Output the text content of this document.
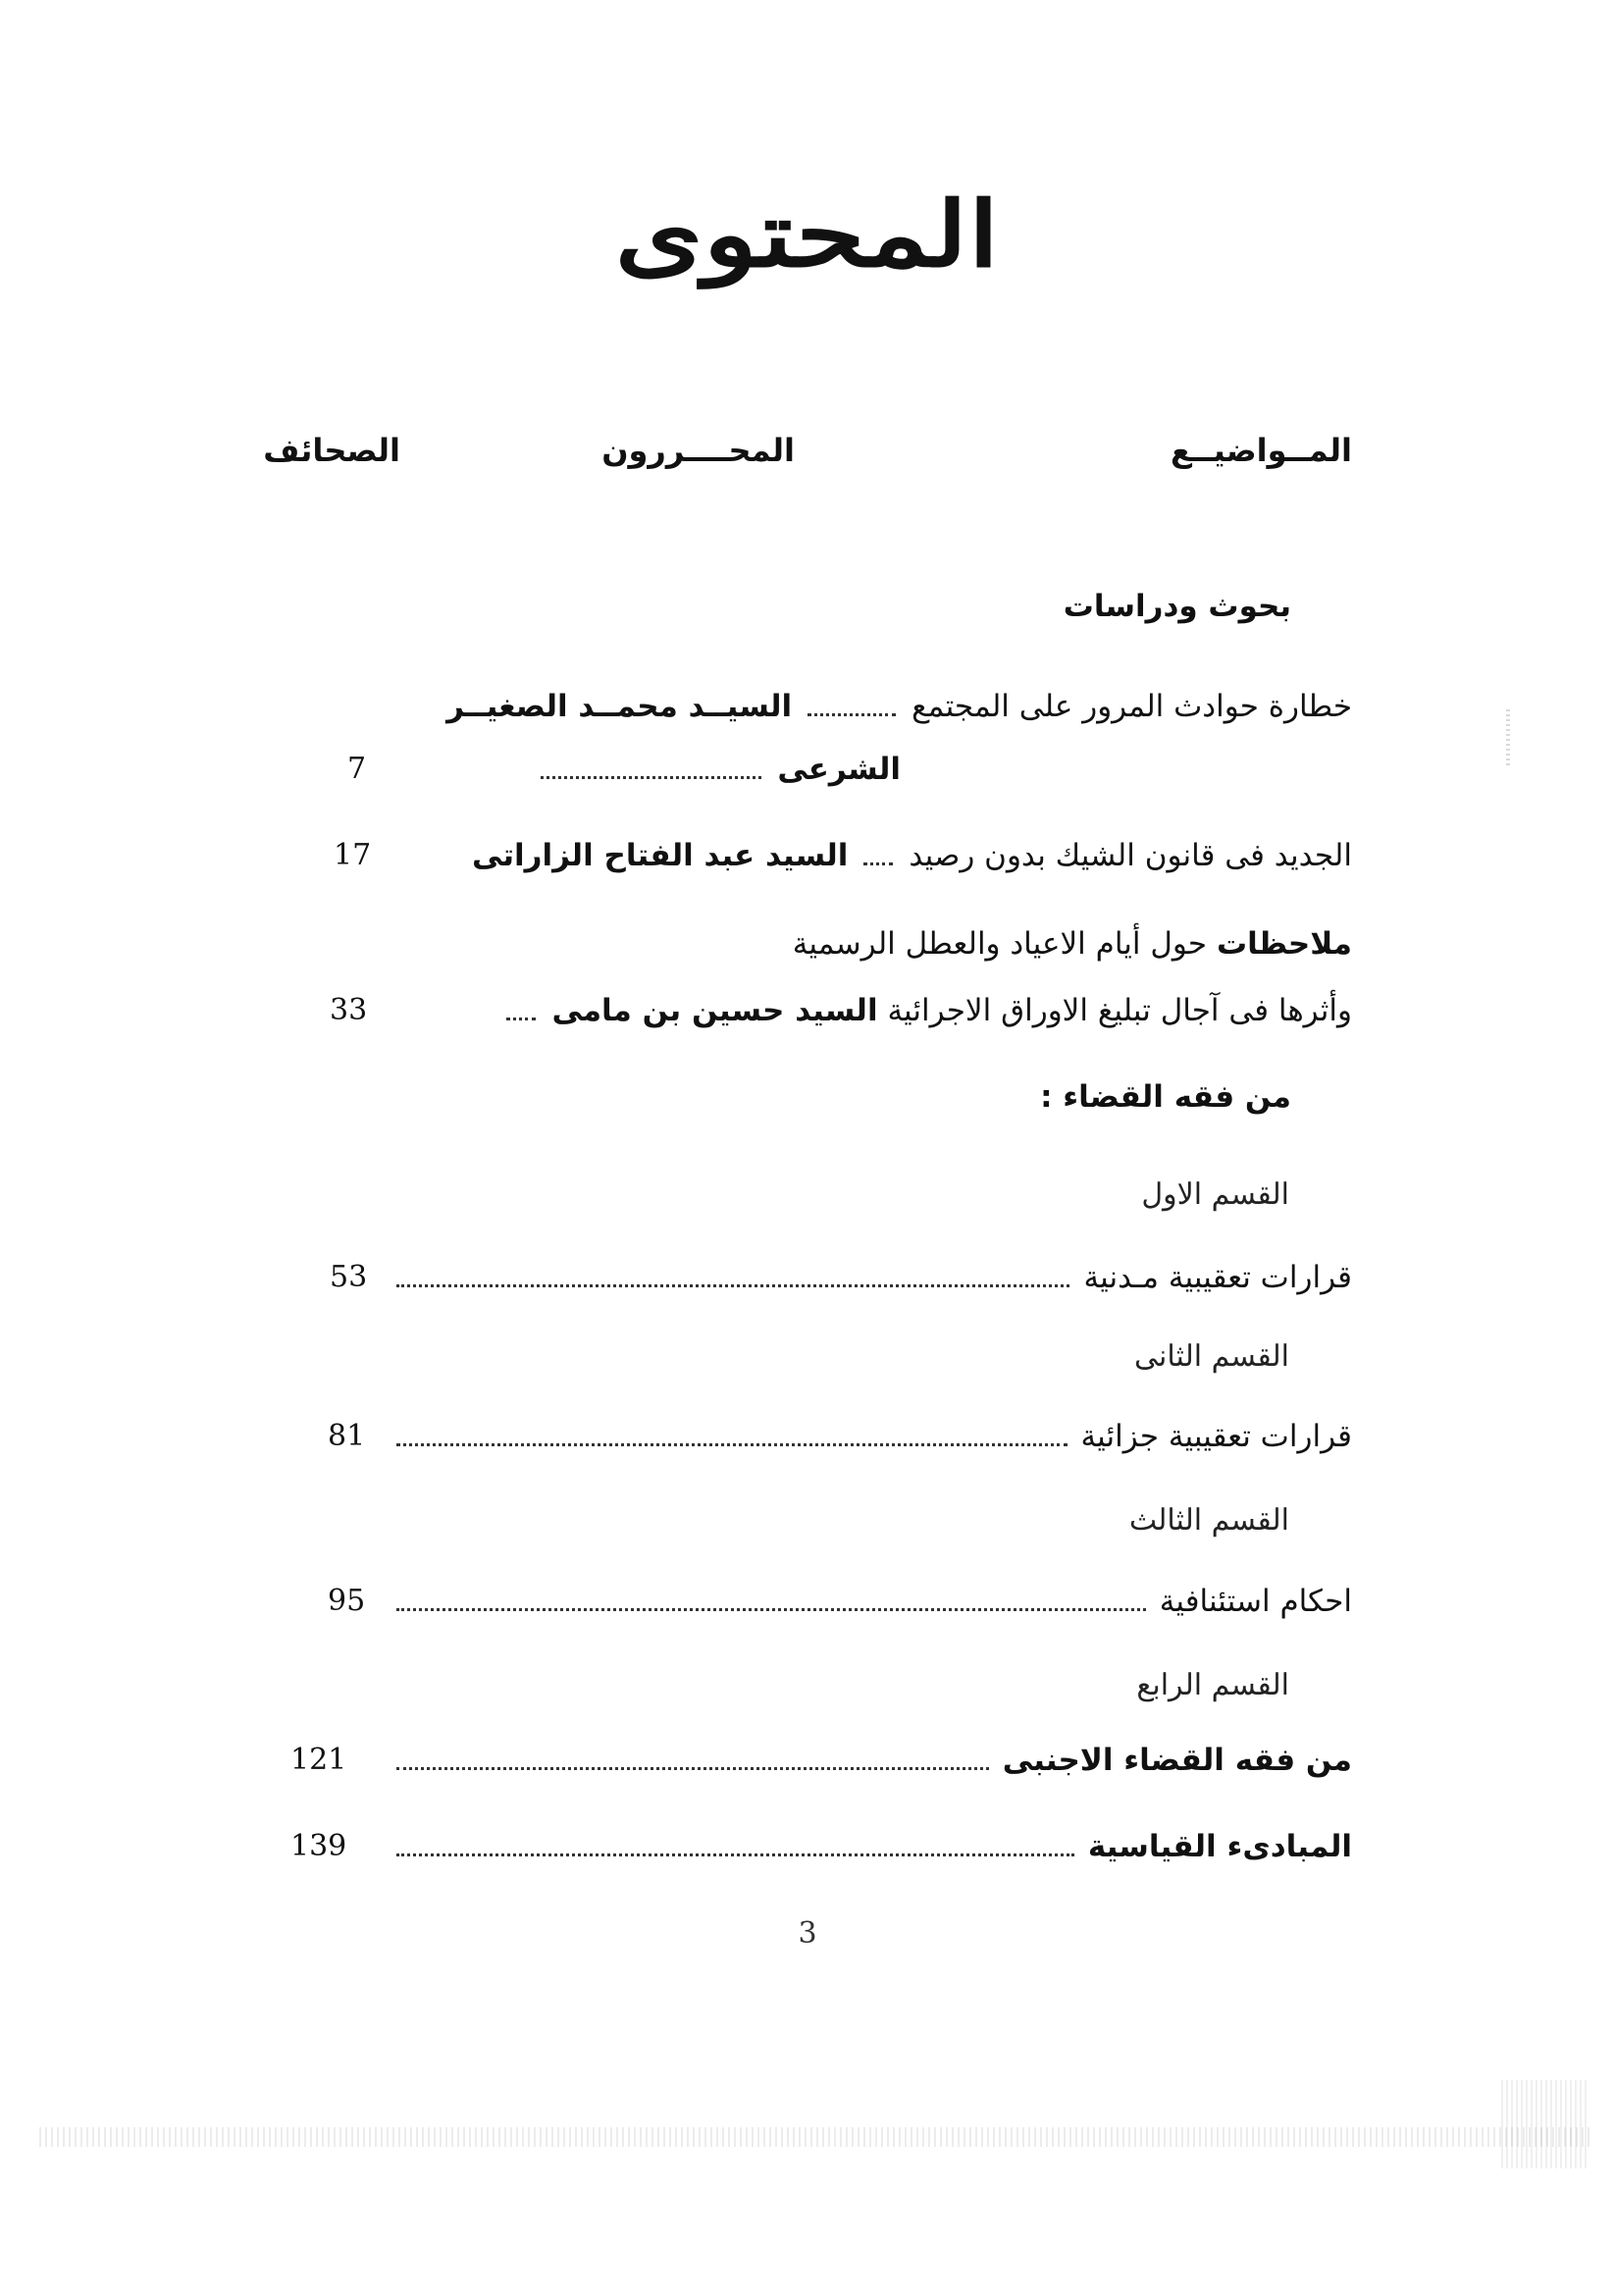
المحتوى
المــواضيــع
المحــــررون
الصحائف
بحوث ودراسات
خطارة حوادث المرور على المجتمع
السيــد محمــد الصغيــر
الشرعى
7
الجديد فى قانون الشيك بدون رصيد
السيد عبد الفتاح الزاراتى
17
ملاحظات

حول أيام الاعياد والعطل الرسمية
وأثرها فى آجال تبليغ الاوراق الاجرائية

السيد حسين بن مامى
33
من فقه القضاء :
القسم الاول
قرارات تعقيبية مـدنية
53
القسم الثانى
قرارات تعقيبية جزائية
81
القسم الثالث
احكام استئنافية
95
القسم الرابع
من فقه القضاء الاجنبى
121
المبادىء القياسية
139
3
